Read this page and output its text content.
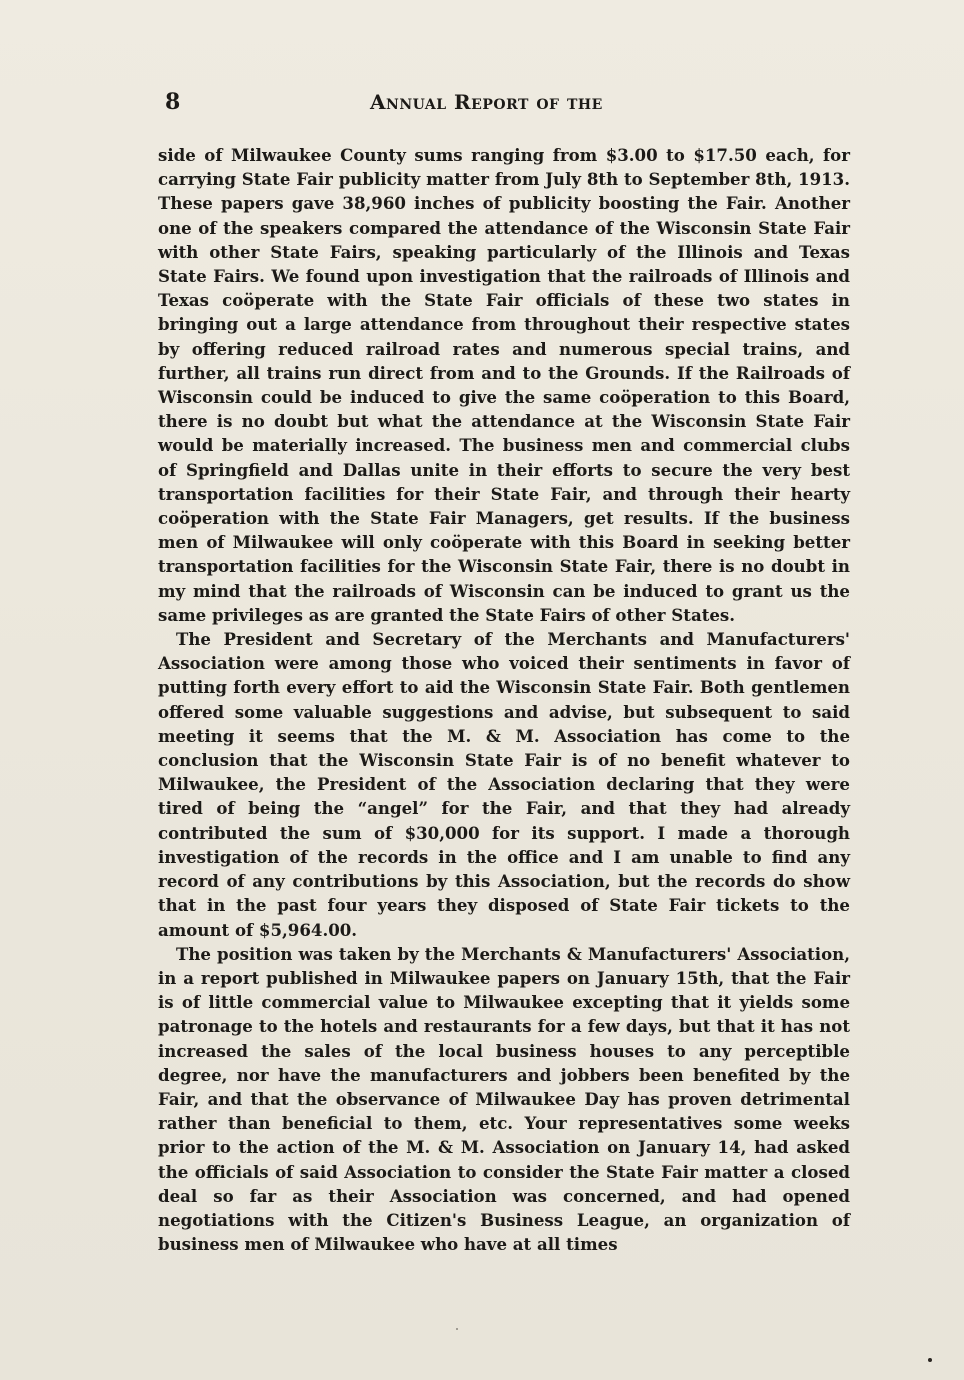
8	Annual Report of the

side of Milwaukee County sums ranging from $3.00 to $17.50 each, for carrying State Fair publicity matter from July 8th to September 8th, 1913. These papers gave 38,960 inches of publicity boosting the Fair. Another one of the speakers compared the attendance of the Wisconsin State Fair with other State Fairs, speaking particularly of the Illinois and Texas State Fairs. We found upon investigation that the railroads of Illinois and Texas coöperate with the State Fair officials of these two states in bringing out a large attendance from throughout their respective states by offering reduced railroad rates and numerous special trains, and further, all trains run direct from and to the Grounds. If the Railroads of Wisconsin could be induced to give the same coöperation to this Board, there is no doubt but what the attendance at the Wisconsin State Fair would be materially increased. The business men and commercial clubs of Springfield and Dallas unite in their efforts to secure the very best transportation facilities for their State Fair, and through their hearty coöperation with the State Fair Managers, get results. If the business men of Milwaukee will only coöperate with this Board in seeking better transportation facilities for the Wisconsin State Fair, there is no doubt in my mind that the railroads of Wisconsin can be induced to grant us the same privileges as are granted the State Fairs of other States.

The President and Secretary of the Merchants and Manufacturers' Association were among those who voiced their sentiments in favor of putting forth every effort to aid the Wisconsin State Fair. Both gentlemen offered some valuable suggestions and advise, but subsequent to said meeting it seems that the M. & M. Association has come to the conclusion that the Wisconsin State Fair is of no benefit whatever to Milwaukee, the President of the Association declaring that they were tired of being the “angel” for the Fair, and that they had already contributed the sum of $30,000 for its support. I made a thorough investigation of the records in the office and I am unable to find any record of any contributions by this Association, but the records do show that in the past four years they disposed of State Fair tickets to the amount of $5,964.00.

The position was taken by the Merchants & Manufacturers' Association, in a report published in Milwaukee papers on January 15th, that the Fair is of little commercial value to Milwaukee excepting that it yields some patronage to the hotels and restaurants for a few days, but that it has not increased the sales of the local business houses to any perceptible degree, nor have the manufacturers and jobbers been benefited by the Fair, and that the observance of Milwaukee Day has proven detrimental rather than beneficial to them, etc. Your representatives some weeks prior to the action of the M. & M. Association on January 14, had asked the officials of said Association to consider the State Fair matter a closed deal so far as their Association was concerned, and had opened negotiations with the Citizen's Business League, an organization of business men of Milwaukee who have at all times
